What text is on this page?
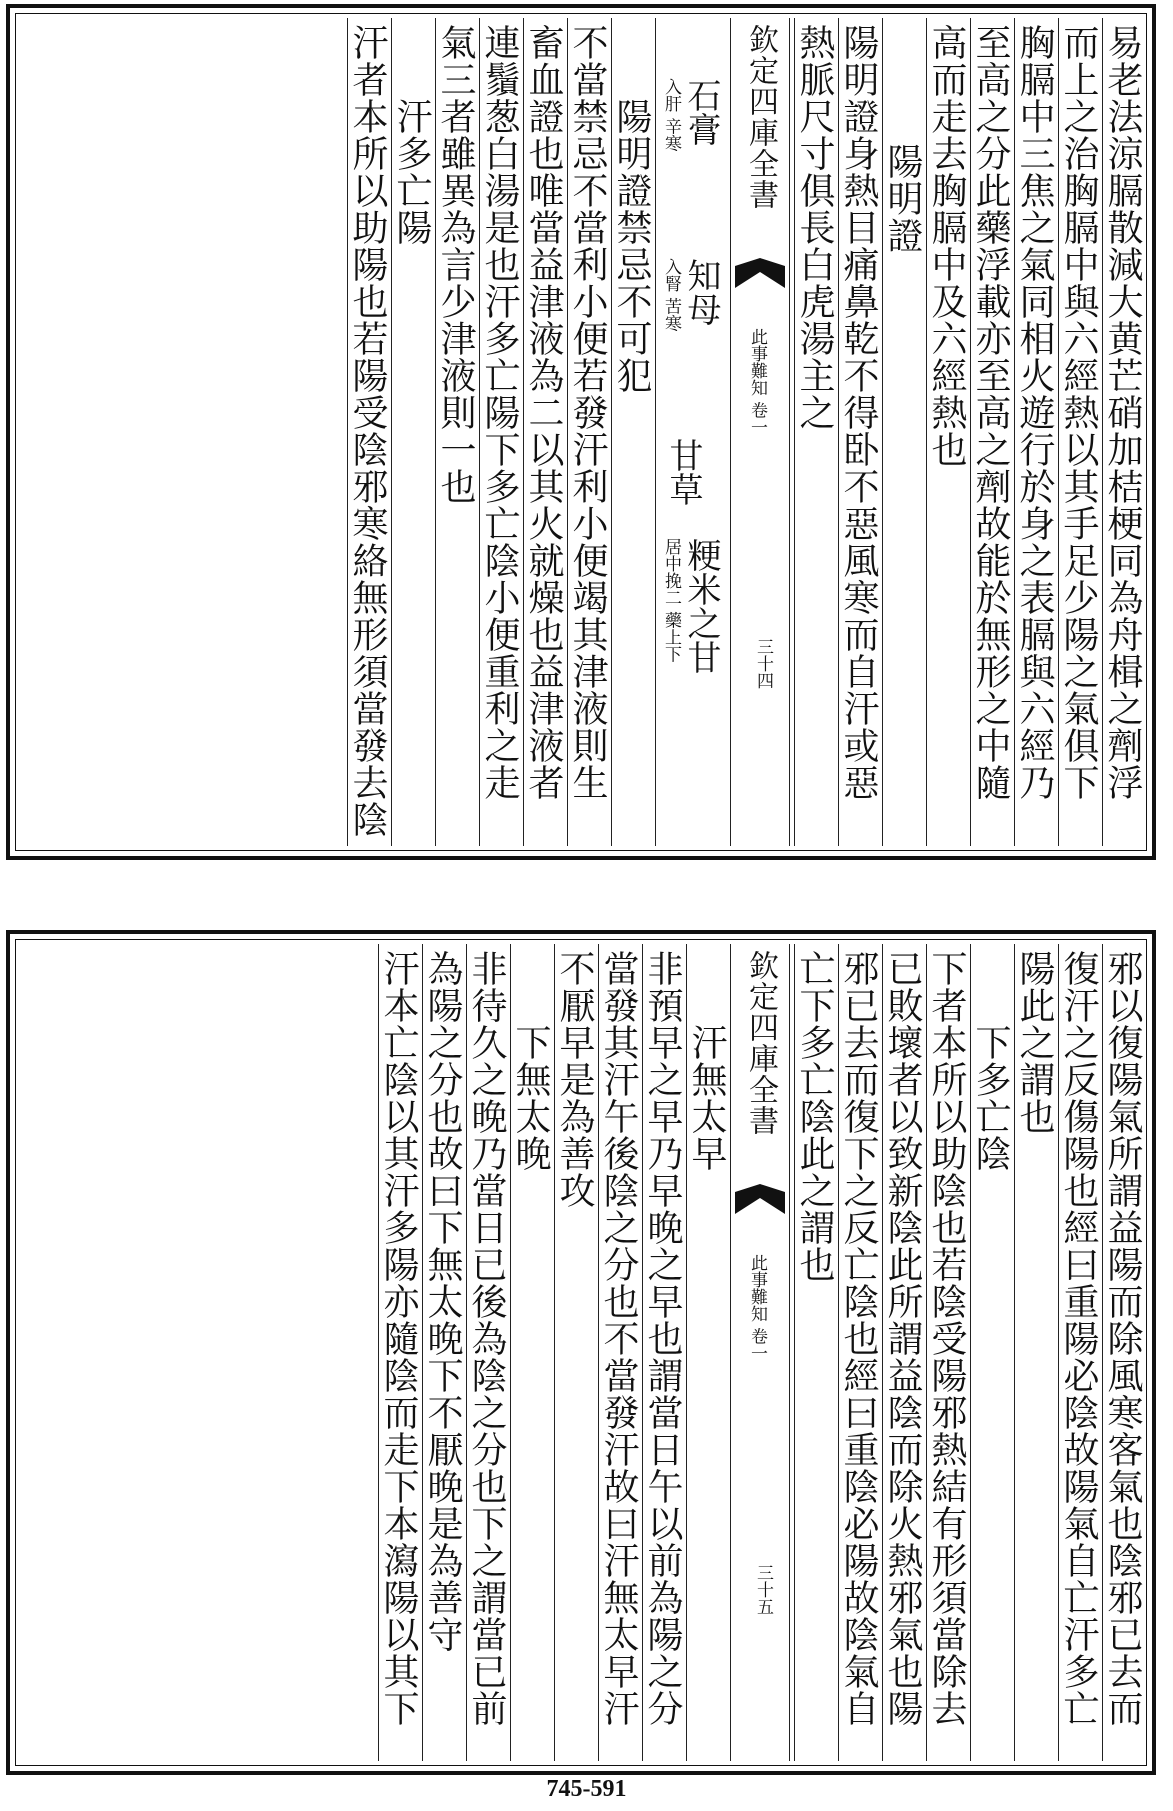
易老法涼膈散減大黄芒硝加桔梗同為舟楫之劑浮
而上之治胸膈中與六經熱以其手足少陽之氣俱下
胸膈中三焦之氣同相火遊行於身之表膈與六經乃
至高之分此藥浮載亦至高之劑故能於無形之中隨
高而走去胸膈中及六經熱也
陽明證
陽明證身熱目痛鼻乾不得卧不惡風寒而自汗或惡
熱脈尺寸俱長白虎湯主之
欽定四庫全書
此事難知 卷一
三十四
石膏
入肝 辛寒
知母
入腎 苦寒
甘草
粳米之甘
居中挽二 藥上下
陽明證禁忌不可犯
不當禁忌不當利小便若發汗利小便竭其津液則生
畜血證也唯當益津液為二以其火就燥也益津液者
連鬚葱白湯是也汗多亡陽下多亡陰小便重利之走
氣三者雖異為言少津液則一也
汗多亡陽
汗者本所以助陽也若陽受陰邪寒絡無形須當發去陰
邪以復陽氣所謂益陽而除風寒客氣也陰邪已去而
復汗之反傷陽也經曰重陽必陰故陽氣自亡汗多亡
陽此之謂也
下多亡陰
下者本所以助陰也若陰受陽邪熱結有形須當除去
已敗壞者以致新陰此所謂益陰而除火熱邪氣也陽
邪已去而復下之反亡陰也經曰重陰必陽故陰氣自
亡下多亡陰此之謂也
欽定四庫全書
此事難知 卷一
三十五
汗無太早
非預早之早乃早晚之早也謂當日午以前為陽之分
當發其汗午後陰之分也不當發汗故曰汗無太早汗
不厭早是為善攻
下無太晚
非待久之晚乃當日已後為陰之分也下之謂當已前
為陽之分也故曰下無太晚下不厭晚是為善守
汗本亡陰以其汗多陽亦隨陰而走下本瀉陽以其下
745-591
